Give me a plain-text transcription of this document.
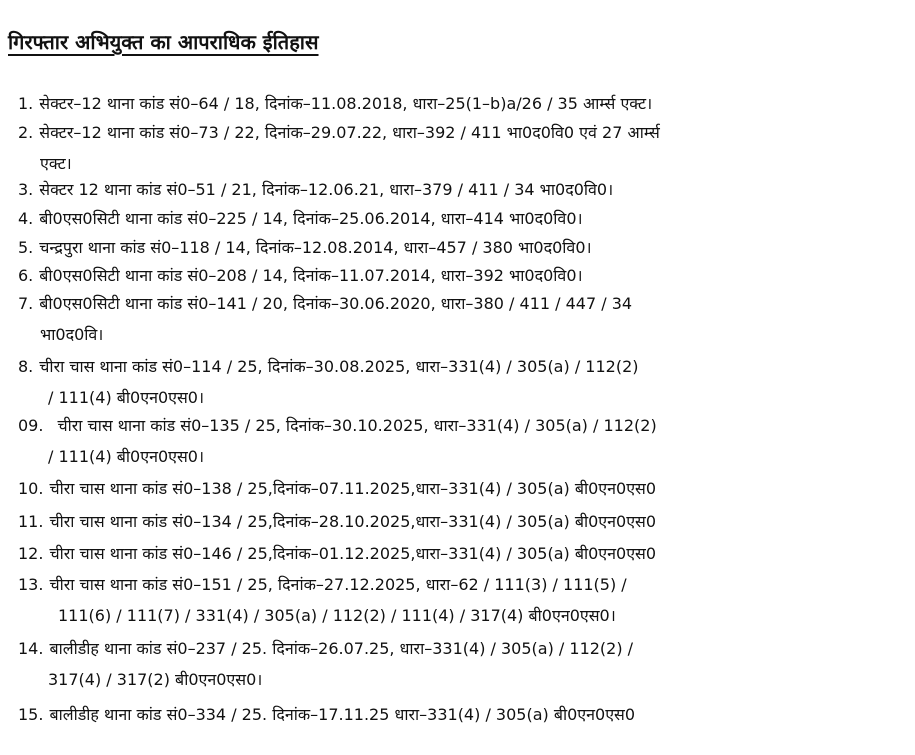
गिरफ्तार अभियुक्त का आपराधिक ईतिहास
1. सेक्टर–12 थाना कांड सं0–64 / 18, दिनांक–11.08.2018, धारा–25(1–b)a/26 / 35 आर्म्स एक्ट।
2. सेक्टर–12 थाना कांड सं0–73 / 22, दिनांक–29.07.22, धारा–392 / 411 भा0द0वि0 एवं 27 आर्म्स
एक्ट।
3. सेक्टर 12 थाना कांड सं0–51 / 21, दिनांक–12.06.21, धारा–379 / 411 / 34 भा0द0वि0।
4. बी0एस0सिटी थाना कांड सं0–225 / 14, दिनांक–25.06.2014, धारा–414 भा0द0वि0।
5. चन्द्रपुरा थाना कांड सं0–118 / 14, दिनांक–12.08.2014, धारा–457 / 380 भा0द0वि0।
6. बी0एस0सिटी थाना कांड सं0–208 / 14, दिनांक–11.07.2014, धारा–392 भा0द0वि0।
7. बी0एस0सिटी थाना कांड सं0–141 / 20, दिनांक–30.06.2020, धारा–380 / 411 / 447 / 34
भा0द0वि।
8. चीरा चास थाना कांड सं0–114 / 25, दिनांक–30.08.2025, धारा–331(4) / 305(a) / 112(2)
/ 111(4) बी0एन0एस0।
09. चीरा चास थाना कांड सं0–135 / 25, दिनांक–30.10.2025, धारा–331(4) / 305(a) / 112(2)
/ 111(4) बी0एन0एस0।
10. चीरा चास थाना कांड सं0–138 / 25,दिनांक–07.11.2025,धारा–331(4) / 305(a) बी0एन0एस0
11. चीरा चास थाना कांड सं0–134 / 25,दिनांक–28.10.2025,धारा–331(4) / 305(a) बी0एन0एस0
12. चीरा चास थाना कांड सं0–146 / 25,दिनांक–01.12.2025,धारा–331(4) / 305(a) बी0एन0एस0
13. चीरा चास थाना कांड सं0–151 / 25, दिनांक–27.12.2025, धारा–62 / 111(3) / 111(5) /
111(6) / 111(7) / 331(4) / 305(a) / 112(2) / 111(4) / 317(4) बी0एन0एस0।
14. बालीडीह थाना कांड सं0–237 / 25. दिनांक–26.07.25, धारा–331(4) / 305(a) / 112(2) /
317(4) / 317(2) बी0एन0एस0।
15. बालीडीह थाना कांड सं0–334 / 25. दिनांक–17.11.25 धारा–331(4) / 305(a) बी0एन0एस0
